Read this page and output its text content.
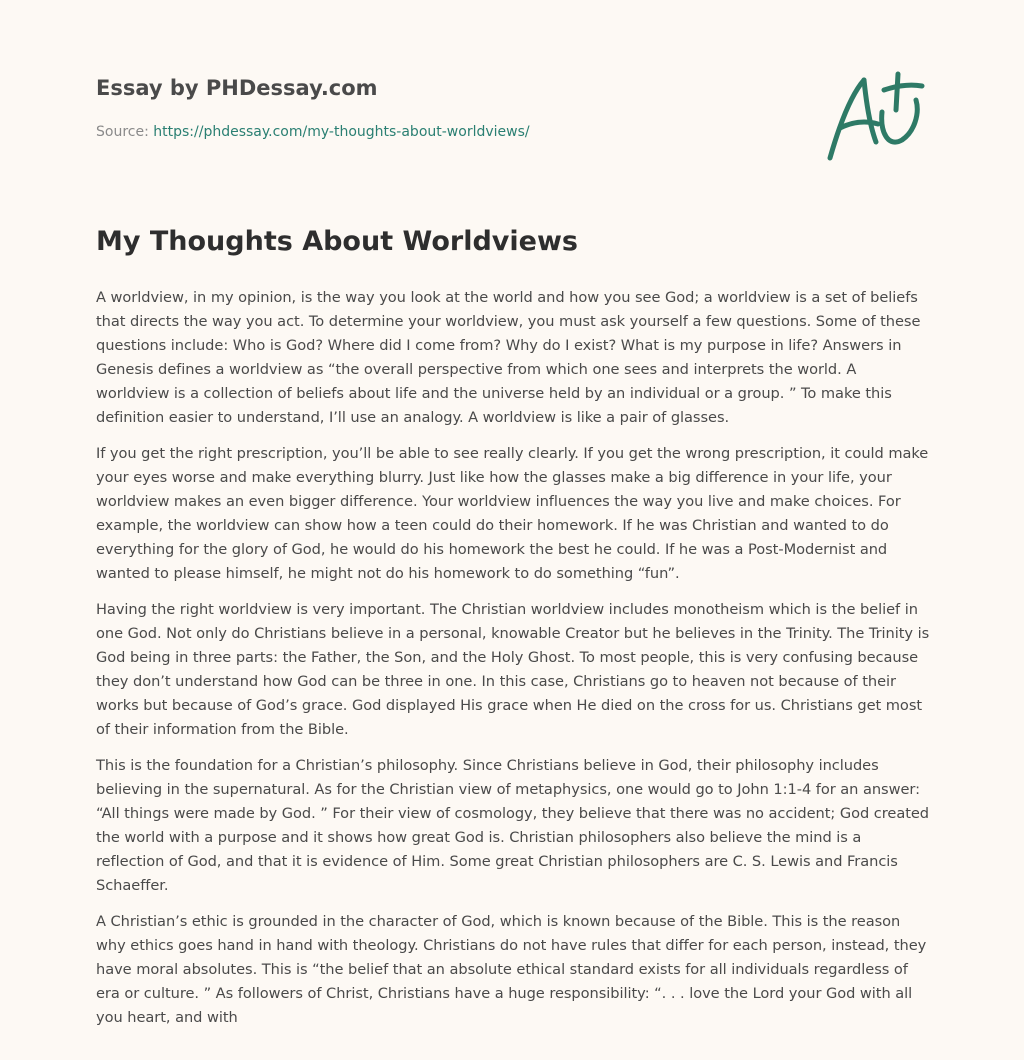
Essay by PHDessay.com
Source: https://phdessay.com/my-thoughts-about-worldviews/
My Thoughts About Worldviews

A worldview, in my opinion, is the way you look at the world and how you see God; a worldview is a set of beliefs that directs the way you act. To determine your worldview, you must ask yourself a few questions. Some of these questions include: Who is God? Where did I come from? Why do I exist? What is my purpose in life? Answers in Genesis defines a worldview as “the overall perspective from which one sees and interprets the world. A worldview is a collection of beliefs about life and the universe held by an individual or a group. ” To make this definition easier to understand, I’ll use an analogy. A worldview is like a pair of glasses.

If you get the right prescription, you’ll be able to see really clearly. If you get the wrong prescription, it could make your eyes worse and make everything blurry. Just like how the glasses make a big difference in your life, your worldview makes an even bigger difference. Your worldview influences the way you live and make choices. For example, the worldview can show how a teen could do their homework. If he was Christian and wanted to do everything for the glory of God, he would do his homework the best he could. If he was a Post-Modernist and wanted to please himself, he might not do his homework to do something “fun”.

Having the right worldview is very important. The Christian worldview includes monotheism which is the belief in one God. Not only do Christians believe in a personal, knowable Creator but he believes in the Trinity. The Trinity is God being in three parts: the Father, the Son, and the Holy Ghost. To most people, this is very confusing because they don’t understand how God can be three in one. In this case, Christians go to heaven not because of their works but because of God’s grace. God displayed His grace when He died on the cross for us. Christians get most of their information from the Bible.

This is the foundation for a Christian’s philosophy. Since Christians believe in God, their philosophy includes believing in the supernatural. As for the Christian view of metaphysics, one would go to John 1:1-4 for an answer: “All things were made by God. ” For their view of cosmology, they believe that there was no accident; God created the world with a purpose and it shows how great God is. Christian philosophers also believe the mind is a reflection of God, and that it is evidence of Him. Some great Christian philosophers are C. S. Lewis and Francis Schaeffer.

A Christian’s ethic is grounded in the character of God, which is known because of the Bible. This is the reason why ethics goes hand in hand with theology. Christians do not have rules that differ for each person, instead, they have moral absolutes. This is “the belief that an absolute ethical standard exists for all individuals regardless of era or culture. ” As followers of Christ, Christians have a huge responsibility: “. . . love the Lord your God with all you heart, and with
